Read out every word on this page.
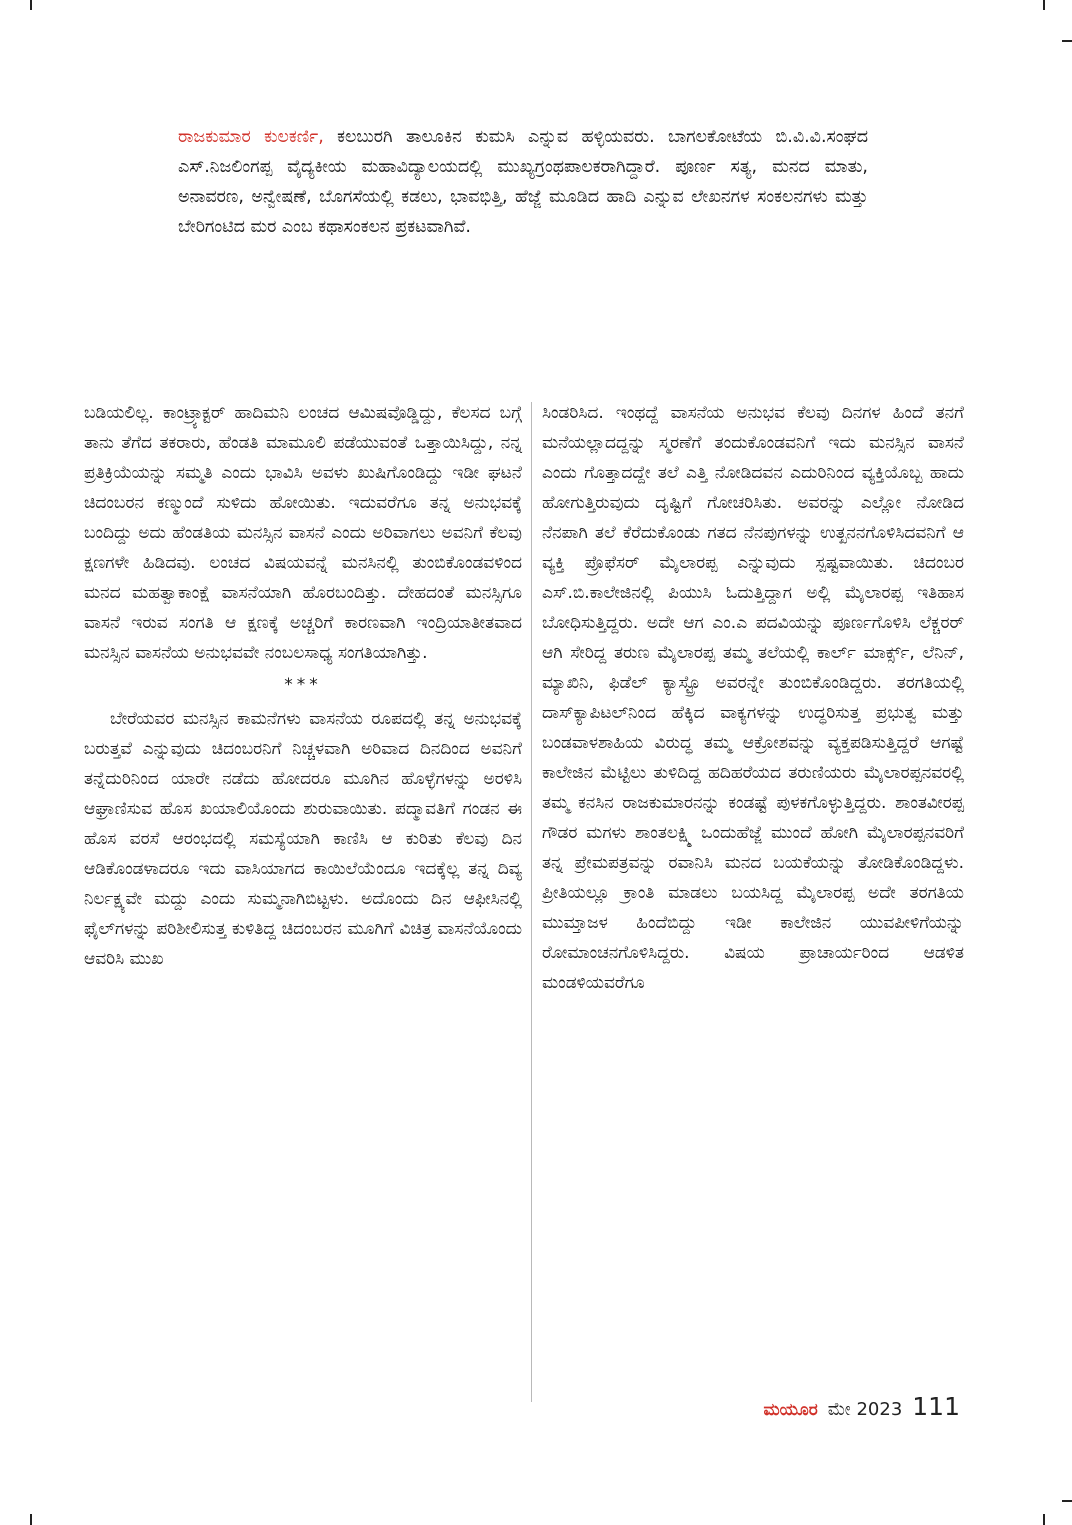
ರಾಜಕುಮಾರ ಕುಲಕರ್ಣಿ, ಕಲಬುರಗಿ ತಾಲೂಕಿನ ಕುಮಸಿ ಎನ್ನುವ ಹಳ್ಳಿಯವರು. ಬಾಗಲಕೋಟೆಯ ಬಿ.ವಿ.ವಿ.ಸಂಘದ ಎಸ್.ನಿಜಲಿಂಗಪ್ಪ ವೈದ್ಯಕೀಯ ಮಹಾವಿದ್ಯಾಲಯದಲ್ಲಿ ಮುಖ್ಯಗ್ರಂಥಪಾಲಕರಾಗಿದ್ದಾರೆ. ಪೂರ್ಣ ಸತ್ಯ, ಮನದ ಮಾತು, ಅನಾವರಣ, ಅನ್ವೇಷಣೆ, ಬೊಗಸೆಯಲ್ಲಿ ಕಡಲು, ಭಾವಭಿತ್ತಿ, ಹೆಜ್ಜೆ ಮೂಡಿದ ಹಾದಿ ಎನ್ನುವ ಲೇಖನಗಳ ಸಂಕಲನಗಳು ಮತ್ತು ಬೇರಿಗಂಟಿದ ಮರ ಎಂಬ ಕಥಾಸಂಕಲನ ಪ್ರಕಟವಾಗಿವೆ.

ಬಡಿಯಲಿಲ್ಲ. ಕಾಂಟ್ರ್ಯಾಕ್ಟರ್ ಹಾದಿಮನಿ ಲಂಚದ ಆಮಿಷವೊಡ್ಡಿದ್ದು, ಕೆಲಸದ ಬಗ್ಗೆ ತಾನು ತೆಗೆದ ತಕರಾರು, ಹೆಂಡತಿ ಮಾಮೂಲಿ ಪಡೆಯುವಂತೆ ಒತ್ತಾಯಿಸಿದ್ದು, ನನ್ನ ಪ್ರತಿಕ್ರಿಯೆಯನ್ನು ಸಮ್ಮತಿ ಎಂದು ಭಾವಿಸಿ ಅವಳು ಖುಷಿಗೊಂಡಿದ್ದು ಇಡೀ ಘಟನೆ ಚಿದಂಬರನ ಕಣ್ಮುಂದೆ ಸುಳಿದು ಹೋಯಿತು. ಇದುವರೆಗೂ ತನ್ನ ಅನುಭವಕ್ಕೆ ಬಂದಿದ್ದು ಅದು ಹೆಂಡತಿಯ ಮನಸ್ಸಿನ ವಾಸನೆ ಎಂದು ಅರಿವಾಗಲು ಅವನಿಗೆ ಕೆಲವು ಕ್ಷಣಗಳೇ ಹಿಡಿದವು. ಲಂಚದ ವಿಷಯವನ್ನೆ ಮನಸಿನಲ್ಲಿ ತುಂಬಿಕೊಂಡವಳಿಂದ ಮನದ ಮಹತ್ವಾಕಾಂಕ್ಷೆ ವಾಸನೆಯಾಗಿ ಹೊರಬಂದಿತ್ತು. ದೇಹದಂತೆ ಮನಸ್ಸಿಗೂ ವಾಸನೆ ಇರುವ ಸಂಗತಿ ಆ ಕ್ಷಣಕ್ಕೆ ಅಚ್ಚರಿಗೆ ಕಾರಣವಾಗಿ ಇಂದ್ರಿಯಾತೀತವಾದ ಮನಸ್ಸಿನ ವಾಸನೆಯ ಅನುಭವವೇ ನಂಬಲಸಾಧ್ಯ ಸಂಗತಿಯಾಗಿತ್ತು.

***

ಬೇರೆಯವರ ಮನಸ್ಸಿನ ಕಾಮನೆಗಳು ವಾಸನೆಯ ರೂಪದಲ್ಲಿ ತನ್ನ ಅನುಭವಕ್ಕೆ ಬರುತ್ತವೆ ಎನ್ನುವುದು ಚಿದಂಬರನಿಗೆ ನಿಚ್ಚಳವಾಗಿ ಅರಿವಾದ ದಿನದಿಂದ ಅವನಿಗೆ ತನ್ನೆದುರಿನಿಂದ ಯಾರೇ ನಡೆದು ಹೋದರೂ ಮೂಗಿನ ಹೊಳ್ಳೆಗಳನ್ನು ಅರಳಿಸಿ ಆಘ್ರಾಣಿಸುವ ಹೊಸ ಖಯಾಲಿಯೊಂದು ಶುರುವಾಯಿತು. ಪದ್ಮಾವತಿಗೆ ಗಂಡನ ಈ ಹೊಸ ವರಸೆ ಆರಂಭದಲ್ಲಿ ಸಮಸ್ಯೆಯಾಗಿ ಕಾಣಿಸಿ ಆ ಕುರಿತು ಕೆಲವು ದಿನ ಆಡಿಕೊಂಡಳಾದರೂ ಇದು ವಾಸಿಯಾಗದ ಕಾಯಿಲೆಯೆಂದೂ ಇದಕ್ಕೆಲ್ಲ ತನ್ನ ದಿವ್ಯ ನಿರ್ಲಕ್ಷ್ಯವೇ ಮದ್ದು ಎಂದು ಸುಮ್ಮನಾಗಿಬಿಟ್ಟಳು. ಅದೊಂದು ದಿನ ಆಫೀಸಿನಲ್ಲಿ ಫೈಲ್‌ಗಳನ್ನು ಪರಿಶೀಲಿಸುತ್ತ ಕುಳಿತಿದ್ದ ಚಿದಂಬರನ ಮೂಗಿಗೆ ವಿಚಿತ್ರ ವಾಸನೆಯೊಂದು ಆವರಿಸಿ ಮುಖ

ಸಿಂಡರಿಸಿದ. ಇಂಥದ್ದೆ ವಾಸನೆಯ ಅನುಭವ ಕೆಲವು ದಿನಗಳ ಹಿಂದೆ ತನಗೆ ಮನೆಯಲ್ಲಾದದ್ದನ್ನು ಸ್ಮರಣೆಗೆ ತಂದುಕೊಂಡವನಿಗೆ ಇದು ಮನಸ್ಸಿನ ವಾಸನೆ ಎಂದು ಗೊತ್ತಾದದ್ದೇ ತಲೆ ಎತ್ತಿ ನೋಡಿದವನ ಎದುರಿನಿಂದ ವ್ಯಕ್ತಿಯೊಬ್ಬ ಹಾದು ಹೋಗುತ್ತಿರುವುದು ದೃಷ್ಟಿಗೆ ಗೋಚರಿಸಿತು. ಅವರನ್ನು ಎಲ್ಲೋ ನೋಡಿದ ನೆನಪಾಗಿ ತಲೆ ಕೆರೆದುಕೊಂಡು ಗತದ ನೆನಪುಗಳನ್ನು ಉತ್ಖನನಗೊಳಿಸಿದವನಿಗೆ ಆ ವ್ಯಕ್ತಿ ಪ್ರೊಫೆಸರ್ ಮೈಲಾರಪ್ಪ ಎನ್ನುವುದು ಸ್ಪಷ್ಟವಾಯಿತು. ಚಿದಂಬರ ಎಸ್.ಬಿ.ಕಾಲೇಜಿನಲ್ಲಿ ಪಿಯುಸಿ ಓದುತ್ತಿದ್ದಾಗ ಅಲ್ಲಿ ಮೈಲಾರಪ್ಪ ಇತಿಹಾಸ ಬೋಧಿಸುತ್ತಿದ್ದರು. ಅದೇ ಆಗ ಎಂ.ಎ ಪದವಿಯನ್ನು ಪೂರ್ಣಗೊಳಿಸಿ ಲೆಕ್ಚರರ್ ಆಗಿ ಸೇರಿದ್ದ ತರುಣ ಮೈಲಾರಪ್ಪ ತಮ್ಮ ತಲೆಯಲ್ಲಿ ಕಾರ್ಲ್ ಮಾರ್ಕ್ಸ್, ಲೆನಿನ್, ಮ್ಯಾಖಿನಿ, ಫಿಡೆಲ್ ಕ್ಯಾಸ್ಟ್ರೊ ಅವರನ್ನೇ ತುಂಬಿಕೊಂಡಿದ್ದರು. ತರಗತಿಯಲ್ಲಿ ದಾಸ್‌ಕ್ಯಾಪಿಟಲ್‌ನಿಂದ ಹೆಕ್ಕಿದ ವಾಕ್ಯಗಳನ್ನು ಉದ್ಧರಿಸುತ್ತ ಪ್ರಭುತ್ವ ಮತ್ತು ಬಂಡವಾಳಶಾಹಿಯ ವಿರುದ್ಧ ತಮ್ಮ ಆಕ್ರೋಶವನ್ನು ವ್ಯಕ್ತಪಡಿಸುತ್ತಿದ್ದರೆ ಆಗಷ್ಟೆ ಕಾಲೇಜಿನ ಮೆಟ್ಟಿಲು ತುಳಿದಿದ್ದ ಹದಿಹರೆಯದ ತರುಣಿಯರು ಮೈಲಾರಪ್ಪನವರಲ್ಲಿ ತಮ್ಮ ಕನಸಿನ ರಾಜಕುಮಾರನನ್ನು ಕಂಡಷ್ಟೆ ಪುಳಕಗೊಳ್ಳುತ್ತಿದ್ದರು. ಶಾಂತವೀರಪ್ಪ ಗೌಡರ ಮಗಳು ಶಾಂತಲಕ್ಷ್ಮಿ ಒಂದುಹೆಜ್ಜೆ ಮುಂದೆ ಹೋಗಿ ಮೈಲಾರಪ್ಪನವರಿಗೆ ತನ್ನ ಪ್ರೇಮಪತ್ರವನ್ನು ರವಾನಿಸಿ ಮನದ ಬಯಕೆಯನ್ನು ತೋಡಿಕೊಂಡಿದ್ದಳು. ಪ್ರೀತಿಯಲ್ಲೂ ಕ್ರಾಂತಿ ಮಾಡಲು ಬಯಸಿದ್ದ ಮೈಲಾರಪ್ಪ ಅದೇ ತರಗತಿಯ ಮುಮ್ತಾಜಳ ಹಿಂದೆಬಿದ್ದು ಇಡೀ ಕಾಲೇಜಿನ ಯುವಪೀಳಿಗೆಯನ್ನು ರೋಮಾಂಚನಗೊಳಿಸಿದ್ದರು. ವಿಷಯ ಪ್ರಾಚಾರ್ಯರಿಂದ ಆಡಳಿತ ಮಂಡಳಿಯವರೆಗೂ

ಮಯೂರ ಮೇ 2023 111
